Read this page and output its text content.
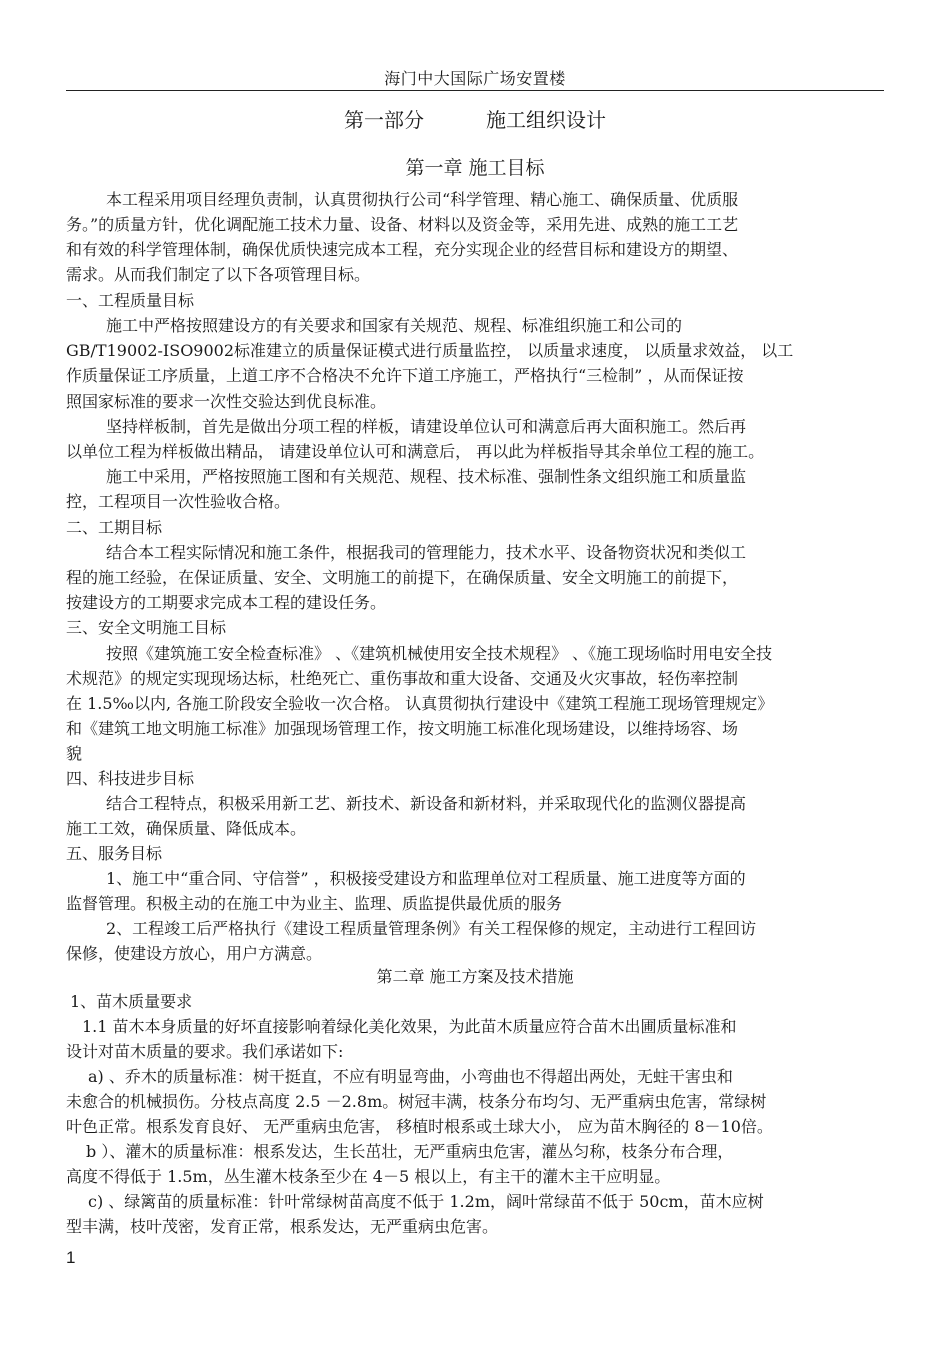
海门中大国际广场安置楼
第一部分	施工组织设计
第一章 施工目标
本工程采用项目经理负责制，认真贯彻执行公司“科学管理、精心施工、确保质量、优质服
务。”的质量方针，优化调配施工技术力量、设备、材料以及资金等，采用先进、成熟的施工工艺
和有效的科学管理体制，确保优质快速完成本工程，充分实现企业的经营目标和建设方的期望、
需求。从而我们制定了以下各项管理目标。
一、工程质量目标
施工中严格按照建设方的有关要求和国家有关规范、规程、标准组织施工和公司的
GB/T19002-ISO9002标准建立的质量保证模式进行质量监控， 以质量求速度， 以质量求效益， 以工
作质量保证工序质量，上道工序不合格决不允许下道工序施工，严格执行“三检制” ，从而保证按
照国家标准的要求一次性交验达到优良标准。
坚持样板制，首先是做出分项工程的样板，请建设单位认可和满意后再大面积施工。然后再
以单位工程为样板做出精品， 请建设单位认可和满意后， 再以此为样板指导其余单位工程的施工。
施工中采用，严格按照施工图和有关规范、规程、技术标准、强制性条文组织施工和质量监
控，工程项目一次性验收合格。
二、工期目标
结合本工程实际情况和施工条件，根据我司的管理能力，技术水平、设备物资状况和类似工
程的施工经验，在保证质量、安全、文明施工的前提下，在确保质量、安全文明施工的前提下，
按建设方的工期要求完成本工程的建设任务。
三、安全文明施工目标
按照《建筑施工安全检查标准》 、《建筑机械使用安全技术规程》 、《施工现场临时用电安全技
术规范》的规定实现现场达标，杜绝死亡、重伤事故和重大设备、交通及火灾事故，轻伤率控制
在 1.5‰以内, 各施工阶段安全验收一次合格。 认真贯彻执行建设中《建筑工程施工现场管理规定》
和《建筑工地文明施工标准》加强现场管理工作，按文明施工标准化现场建设，以维持场容、场
貌
四、科技进步目标
结合工程特点，积极采用新工艺、新技术、新设备和新材料，并采取现代化的监测仪器提高
施工工效，确保质量、降低成本。
五、服务目标
1、施工中“重合同、守信誉” ，积极接受建设方和监理单位对工程质量、施工进度等方面的
监督管理。积极主动的在施工中为业主、监理、质监提供最优质的服务
2、工程竣工后严格执行《建设工程质量管理条例》有关工程保修的规定，主动进行工程回访
保修，使建设方放心，用户方满意。
第二章 施工方案及技术措施
1、苗木质量要求
1.1 苗木本身质量的好坏直接影响着绿化美化效果，为此苗木质量应符合苗木出圃质量标准和
设计对苗木质量的要求。我们承诺如下:
a) 、乔木的质量标准：树干挺直，不应有明显弯曲，小弯曲也不得超出两处，无蛀干害虫和
未愈合的机械损伤。分枝点高度 2.5 －2.8m。树冠丰满，枝条分布均匀、无严重病虫危害，常绿树
叶色正常。根系发育良好、 无严重病虫危害， 移植时根系或土球大小， 应为苗木胸径的 8－10倍。
b ）、灌木的质量标准：根系发达，生长茁壮，无严重病虫危害，灌丛匀称，枝条分布合理，
高度不得低于 1.5m，丛生灌木枝条至少在 4－5 根以上，有主干的灌木主干应明显。
c) 、绿篱苗的质量标准：针叶常绿树苗高度不低于 1.2m，阔叶常绿苗不低于 50cm，苗木应树
型丰满，枝叶茂密，发育正常，根系发达，无严重病虫危害。
1
